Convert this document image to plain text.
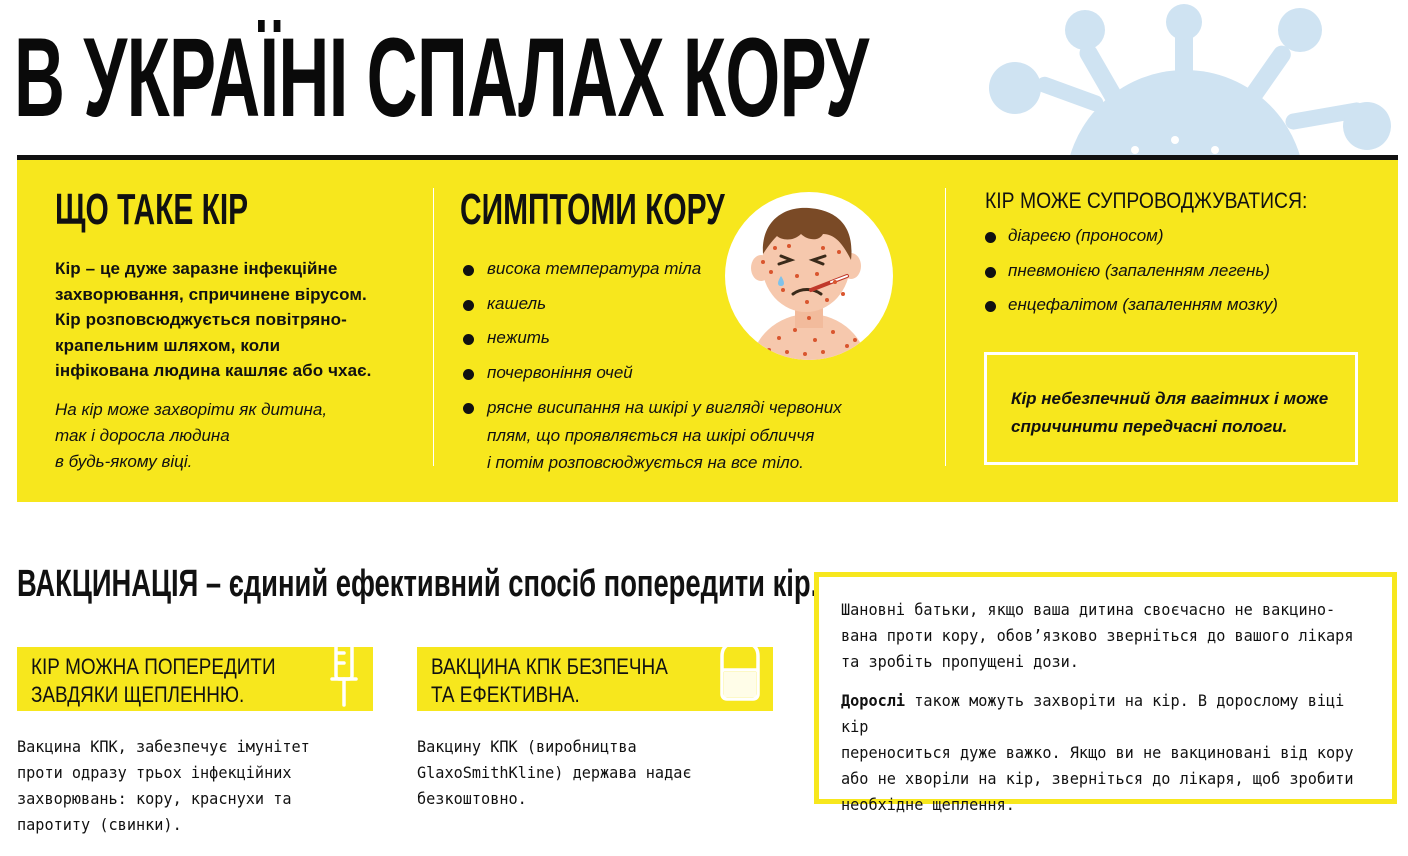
В УКРАЇНІ СПАЛАХ КОРУ
ЩО ТАКЕ КІР
Кір – це дуже заразне інфекційне
захворювання, спричинене вірусом.
Кір розповсюджується повітряно-
крапельним шляхом, коли
інфікована людина кашляє або чхає.
На кір може захворіти як дитина,
так і доросла людина
в будь-якому віці.
СИМПТОМИ КОРУ
висока температура тіла
кашель
нежить
почервоніння очей
рясне висипання на шкірі у вигляді червоних
плям, що проявляється на шкірі обличчя
і потім розповсюджується на все тіло.
КІР МОЖЕ СУПРОВОДЖУВАТИСЯ:
діареєю (проносом)
пневмонією (запаленням легень)
енцефалітом (запаленням мозку)
Кір небезпечний для вагітних і може
спричинити передчасні пологи.
ВАКЦИНАЦІЯ – єдиний ефективний спосіб попередити кір.
КІР МОЖНА ПОПЕРЕДИТИ
ЗАВДЯКИ ЩЕПЛЕННЮ.
Вакцина КПК, забезпечує імунітет
проти одразу трьох інфекційних
захворювань: кору, краснухи та
паротиту (свинки).
ВАКЦИНА КПК БЕЗПЕЧНА
ТА ЕФЕКТИВНА.
Вакцину КПК (виробництва
GlaxoSmithKline) держава надає
безкоштовно.

Шановні батьки, якщо ваша дитина своєчасно не вакцино-
вана проти кору, обов’язково зверніться до вашого лікаря
та зробіть пропущені дози.

Дорослі також можуть захворіти на кір. В дорослому віці кір
переноситься дуже важко. Якщо ви не вакциновані від кору
або не хворіли на кір, зверніться до лікаря, щоб зробити
необхідне щеплення.
